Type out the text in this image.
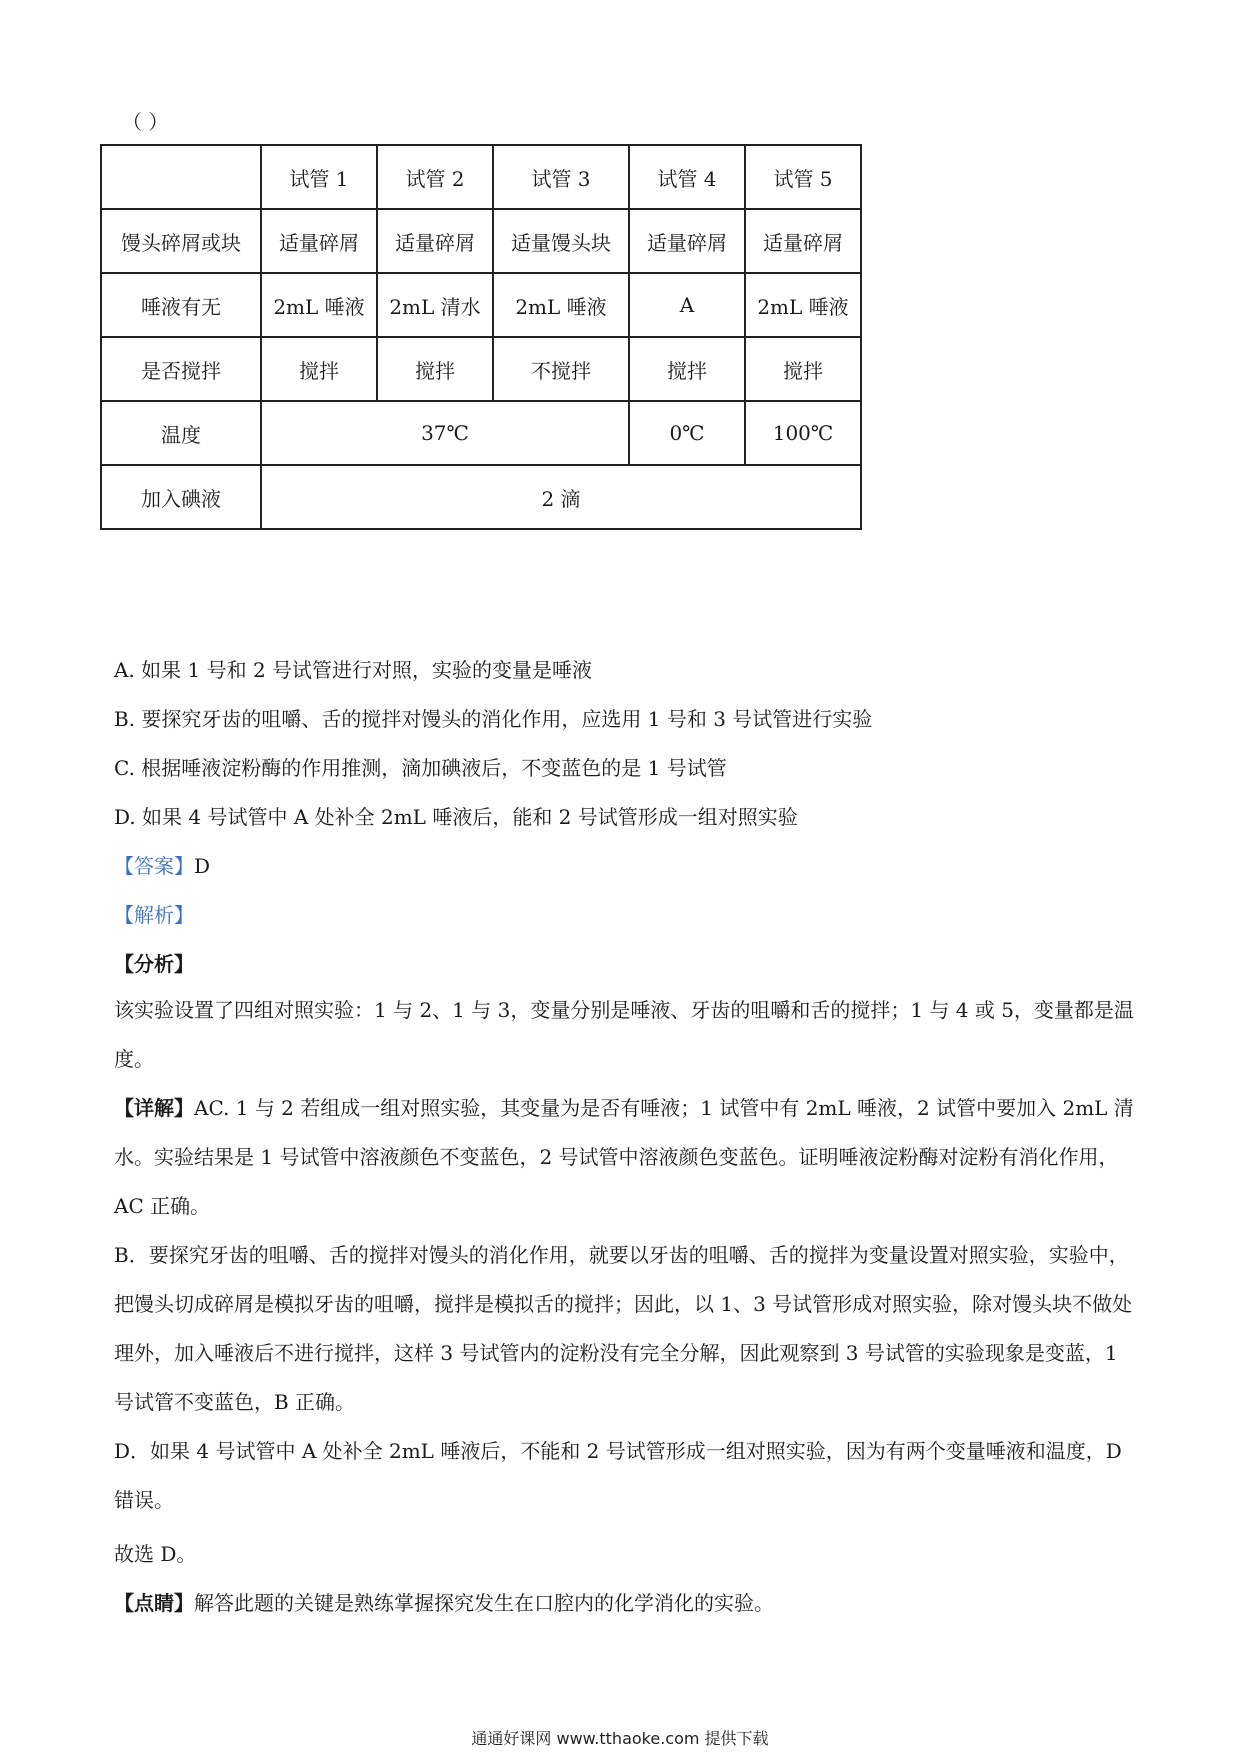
（ ）
	试管 1	试管 2	试管 3	试管 4	试管 5
馒头碎屑或块	适量碎屑	适量碎屑	适量馒头块	适量碎屑	适量碎屑
唾液有无	2mL 唾液	2mL 清水	2mL 唾液	A	2mL 唾液
是否搅拌	搅拌	搅拌	不搅拌	搅拌	搅拌
温度	37℃			0℃	100℃
加入碘液	2 滴				
A. 如果 1 号和 2 号试管进行对照，实验的变量是唾液
B. 要探究牙齿的咀嚼、舌的搅拌对馒头的消化作用，应选用 1 号和 3 号试管进行实验
C. 根据唾液淀粉酶的作用推测，滴加碘液后，不变蓝色的是 1 号试管
D. 如果 4 号试管中 A 处补全 2mL 唾液后，能和 2 号试管形成一组对照实验
【答案】D
【解析】
【分析】
该实验设置了四组对照实验：1 与 2、1 与 3，变量分别是唾液、牙齿的咀嚼和舌的搅拌；1 与 4 或 5，变量都是温度。
【详解】AC. 1 与 2 若组成一组对照实验，其变量为是否有唾液；1 试管中有 2mL 唾液，2 试管中要加入 2mL 清水。实验结果是 1 号试管中溶液颜色不变蓝色，2 号试管中溶液颜色变蓝色。证明唾液淀粉酶对淀粉有消化作用，AC 正确。
B．要探究牙齿的咀嚼、舌的搅拌对馒头的消化作用，就要以牙齿的咀嚼、舌的搅拌为变量设置对照实验，实验中，把馒头切成碎屑是模拟牙齿的咀嚼，搅拌是模拟舌的搅拌；因此，以 1、3 号试管形成对照实验，除对馒头块不做处理外，加入唾液后不进行搅拌，这样 3 号试管内的淀粉没有完全分解，因此观察到 3 号试管的实验现象是变蓝，1 号试管不变蓝色，B 正确。
D．如果 4 号试管中 A 处补全 2mL 唾液后，不能和 2 号试管形成一组对照实验，因为有两个变量唾液和温度，D 错误。
故选 D。
【点睛】解答此题的关键是熟练掌握探究发生在口腔内的化学消化的实验。
通通好课网 www.tthaoke.com 提供下载
